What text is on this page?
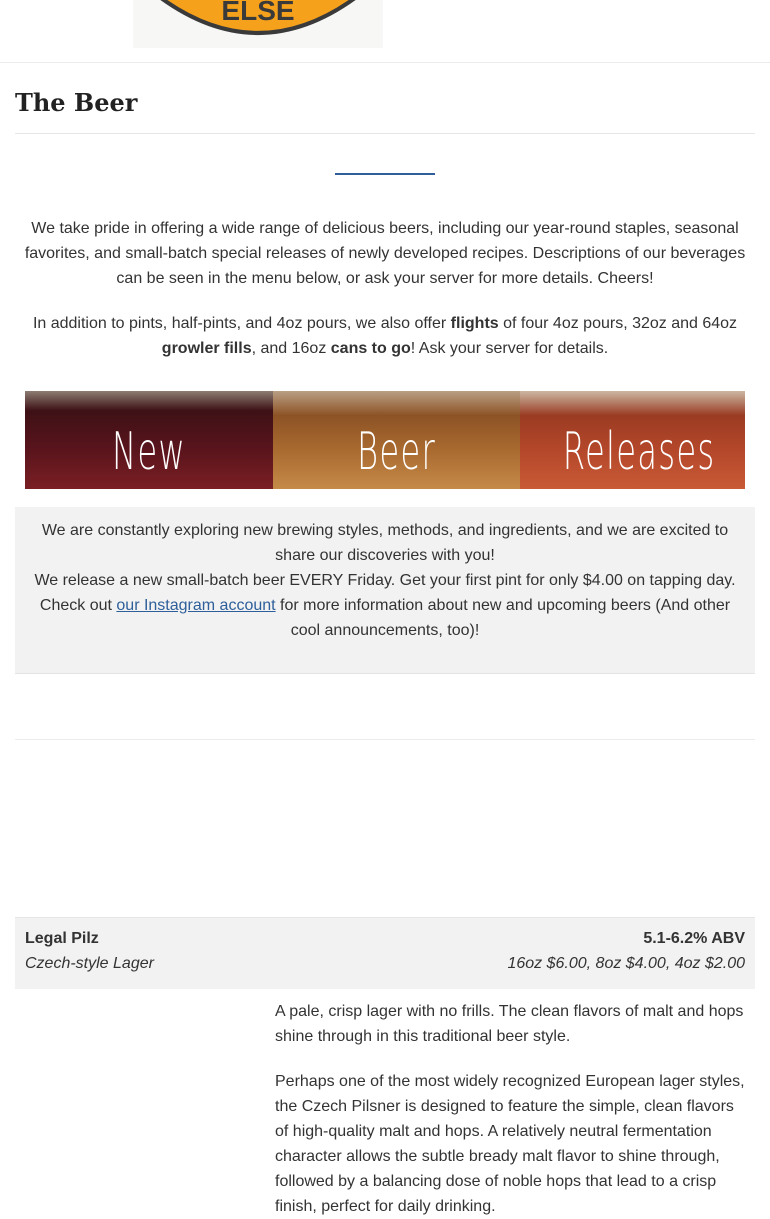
ELSE
The Beer

We take pride in offering a wide range of delicious beers, including our year-round staples, seasonal favorites, and small-batch special releases of newly developed recipes. Descriptions of our beverages can be seen in the menu below, or ask your server for more details. Cheers!

In addition to pints, half-pints, and 4oz pours, we also offer flights of four 4oz pours, 32oz and 64oz growler fills, and 16oz cans to go! Ask your server for details.

New	Beer	Releases

We are constantly exploring new brewing styles, methods, and ingredients, and we are excited to share our discoveries with you!
We release a new small-batch beer EVERY Friday. Get your first pint for only $4.00 on tapping day. Check out our Instagram account for more information about new and upcoming beers (And other cool announcements, too)!

Legal Pilz
Czech-style Lager
5.1-6.2% ABV
16oz $6.00, 8oz $4.00, 4oz $2.00

A pale, crisp lager with no frills. The clean flavors of malt and hops shine through in this traditional beer style.

Perhaps one of the most widely recognized European lager styles, the Czech Pilsner is designed to feature the simple, clean flavors of high-quality malt and hops. A relatively neutral fermentation character allows the subtle bready malt flavor to shine through, followed by a balancing dose of noble hops that lead to a crisp finish, perfect for daily drinking.
